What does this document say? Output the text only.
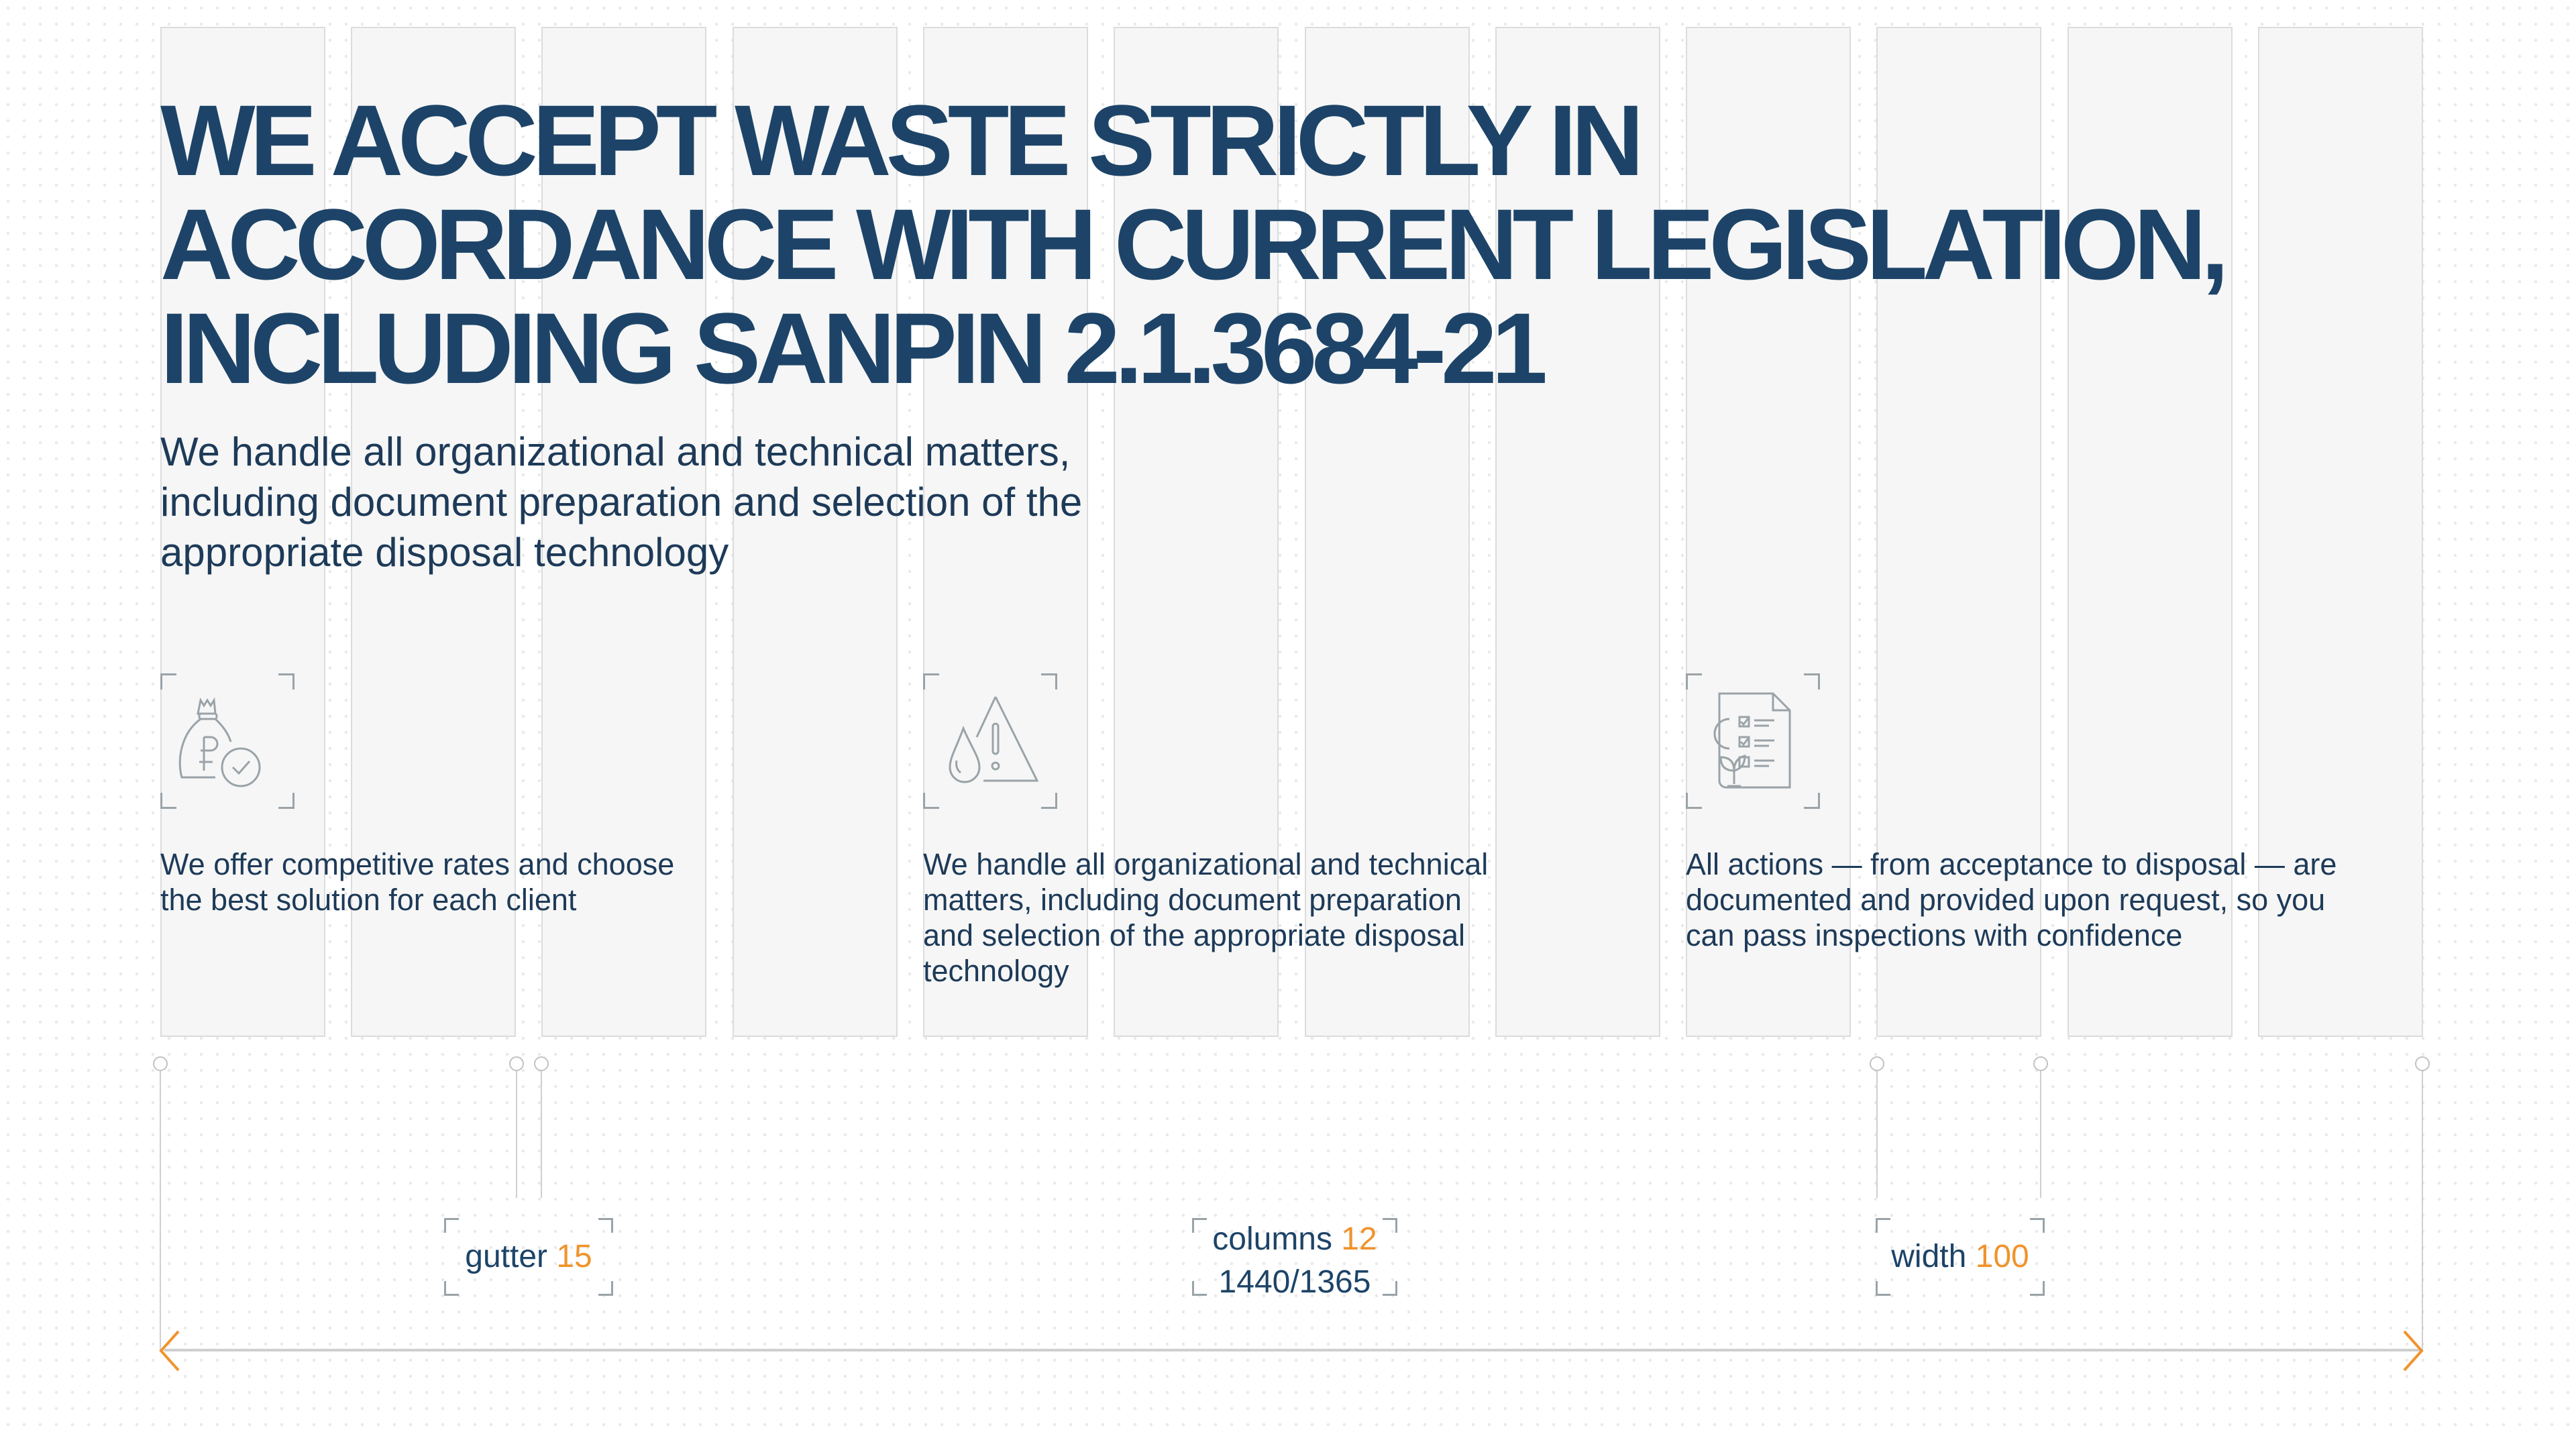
WE ACCEPT WASTE STRICTLY IN
ACCORDANCE WITH CURRENT LEGISLATION,
INCLUDING SANPIN 2.1.3684-21
We handle all organizational and technical matters,
including document preparation and selection of the
appropriate disposal technology
We offer competitive rates and choose
the best solution for each client
We handle all organizational and technical
matters, including document preparation
and selection of the appropriate disposal
technology
All actions — from acceptance to disposal — are
documented and provided upon request, so you
can pass inspections with confidence
gutter 15	columns 12
1440/1365
width 100
